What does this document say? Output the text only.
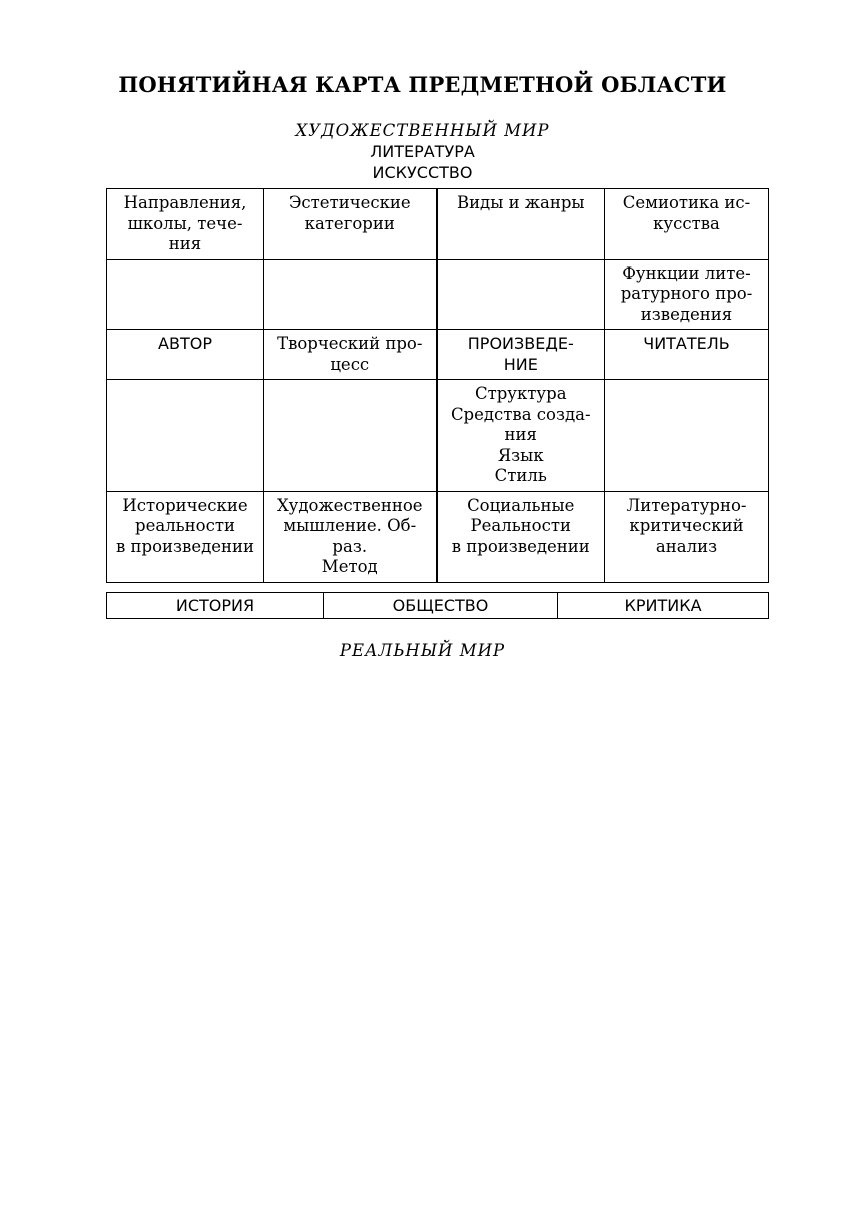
ПОНЯТИЙНАЯ КАРТА ПРЕДМЕТНОЙ ОБЛАСТИ
ХУДОЖЕСТВЕННЫЙ МИР
ЛИТЕРАТУРА
ИСКУССТВО
Направления,
школы, тече-
ния	Эстетические
категории	Виды и жанры	Семиотика ис-
кусства

			Функции лите-
ратурного про-
изведения

АВТОР	Творческий про-
цесс	ПРОИЗВЕДЕ-
НИЕ	ЧИТАТЕЛЬ

		Структура
Средства созда-
ния
Язык
Стиль	

Исторические
реальности
в произведении	Художественное
мышление. Об-
раз.
Метод	Социальные
Реальности
в произведении	Литературно-
критический
анализ
ИСТОРИЯ	ОБЩЕСТВО	КРИТИКА
РЕАЛЬНЫЙ МИР
